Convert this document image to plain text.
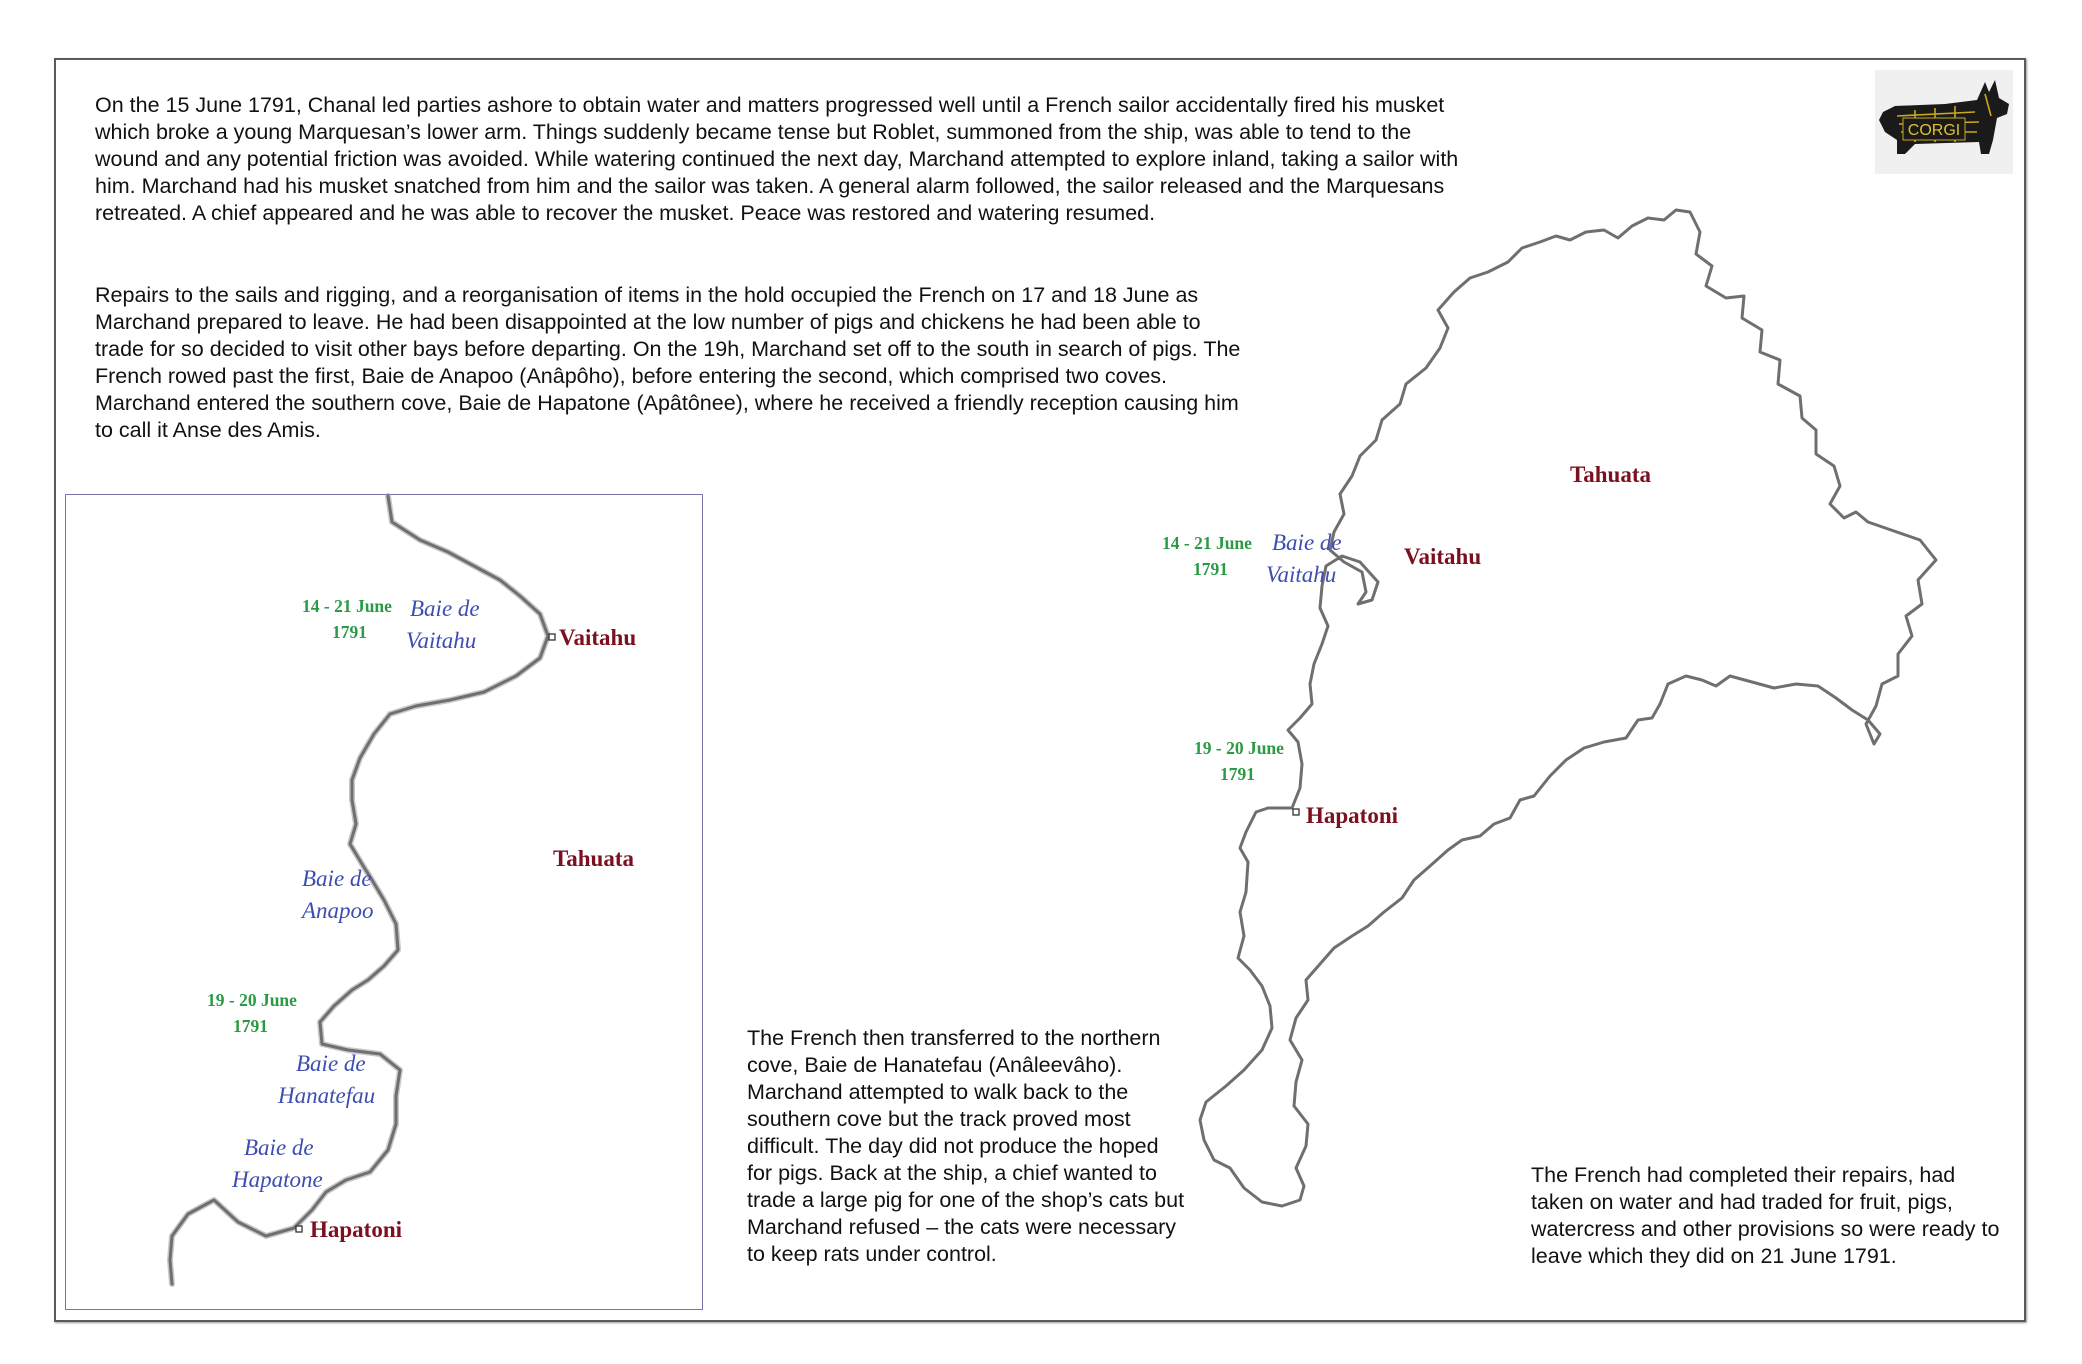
On the 15 June 1791, Chanal led parties ashore to obtain water and matters progressed well until a French sailor accidentally fired his musket which broke a young Marquesan’s lower arm. Things suddenly became tense but Roblet, summoned from the ship, was able to tend to the wound and any potential friction was avoided. While watering continued the next day, Marchand attempted to explore inland, taking a sailor with him. Marchand had his musket snatched from him and the sailor was taken. A general alarm followed, the sailor released and the Marquesans retreated. A chief appeared and he was able to recover the musket. Peace was restored and watering resumed.

Repairs to the sails and rigging, and a reorganisation of items in the hold occupied the French on 17 and 18 June as Marchand prepared to leave. He had been disappointed at the low number of pigs and chickens he had been able to trade for so decided to visit other bays before departing. On the 19h, Marchand set off to the south in search of pigs. The French rowed past the first, Baie de Anapoo (Anâpôho), before entering the second, which comprised two coves. Marchand entered the southern cove, Baie de Hapatone (Apâtônee), where he received a friendly reception causing him to call it Anse des Amis.

The French then transferred to the northern cove, Baie de Hanatefau (Anâleevâho). Marchand attempted to walk back to the southern cove but the track proved most difficult. The day did not produce the hoped for pigs. Back at the ship, a chief wanted to trade a large pig for one of the shop’s cats but Marchand refused – the cats were necessary to keep rats under control.

The French had completed their repairs, had taken on water and had traded for fruit, pigs, watercress and other provisions so were ready to leave which they did on 21 June 1791.

CORGI
14 - 21 June
1791
Baie de
Vaitahu	Vaitahu
Tahuata
Baie de
Anapoo
19 - 20 June
1791
Baie de
Hanatefau
Baie de
Hapatone
Hapatoni
Tahuata
14 - 21 June
1791
Baie de
Vaitahu
Vaitahu
19 - 20 June
1791
Hapatoni
